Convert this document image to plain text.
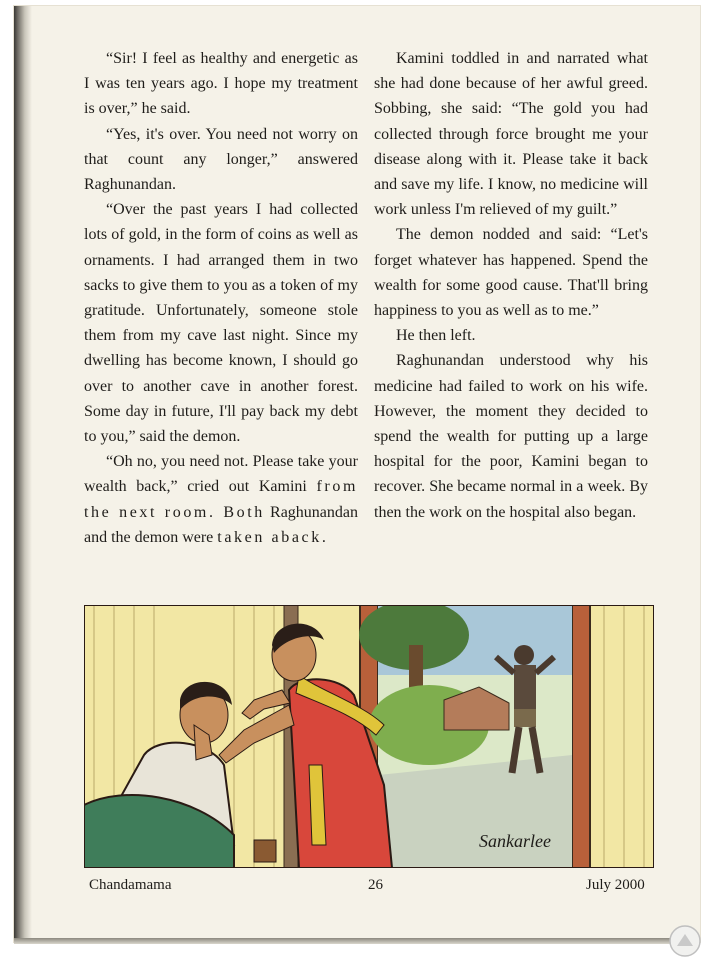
“Sir! I feel as healthy and energetic as I was ten years ago. I hope my treatment is over,” he said.

“Yes, it's over. You need not worry on that count any longer,” answered Raghunandan.

“Over the past years I had collected lots of gold, in the form of coins as well as ornaments. I had arranged them in two sacks to give them to you as a token of my gratitude. Unfortunately, someone stole them from my cave last night. Since my dwelling has become known, I should go over to another cave in another forest. Some day in future, I'll pay back my debt to you,” said the demon.

“Oh no, you need not. Please take your wealth back,” cried out Kamini from the next room. Both Raghunandan and the demon were taken aback.

Kamini toddled in and narrated what she had done because of her awful greed. Sobbing, she said: “The gold you had collected through force brought me your disease along with it. Please take it back and save my life. I know, no medicine will work unless I'm relieved of my guilt.”

The demon nodded and said: “Let's forget whatever has happened. Spend the wealth for some good cause. That'll bring happiness to you as well as to me.”

He then left.

Raghunandan understood why his medicine had failed to work on his wife. However, the moment they decided to spend the wealth for putting up a large hospital for the poor, Kamini began to recover. She became normal in a week. By then the work on the hospital also began.

Sankarlee
Chandamama	26	July 2000
